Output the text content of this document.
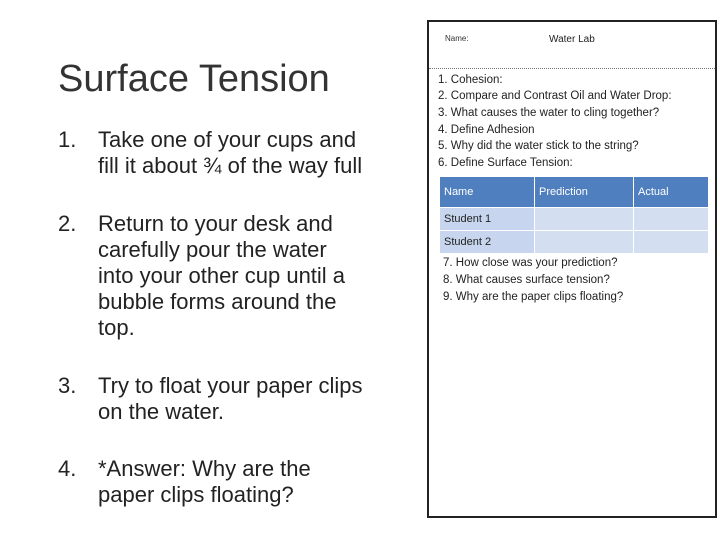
Surface Tension
1. Take one of your cups and
fill it about ¾ of the way full
2. Return to your desk and
carefully pour the water
into your other cup until a
bubble forms around the
top.
3. Try to float your paper clips
on the water.
4. *Answer: Why are the
paper clips floating?
Name:	Water Lab
1. Cohesion:
2. Compare and Contrast Oil and Water Drop:
3. What causes the water to cling together?
4. Define Adhesion
5. Why did the water stick to the string?
6. Define Surface Tension:
Name	Prediction	Actual
Student 1		
Student 2		
7. How close was your prediction?
8. What causes surface tension?
9. Why are the paper clips floating?
